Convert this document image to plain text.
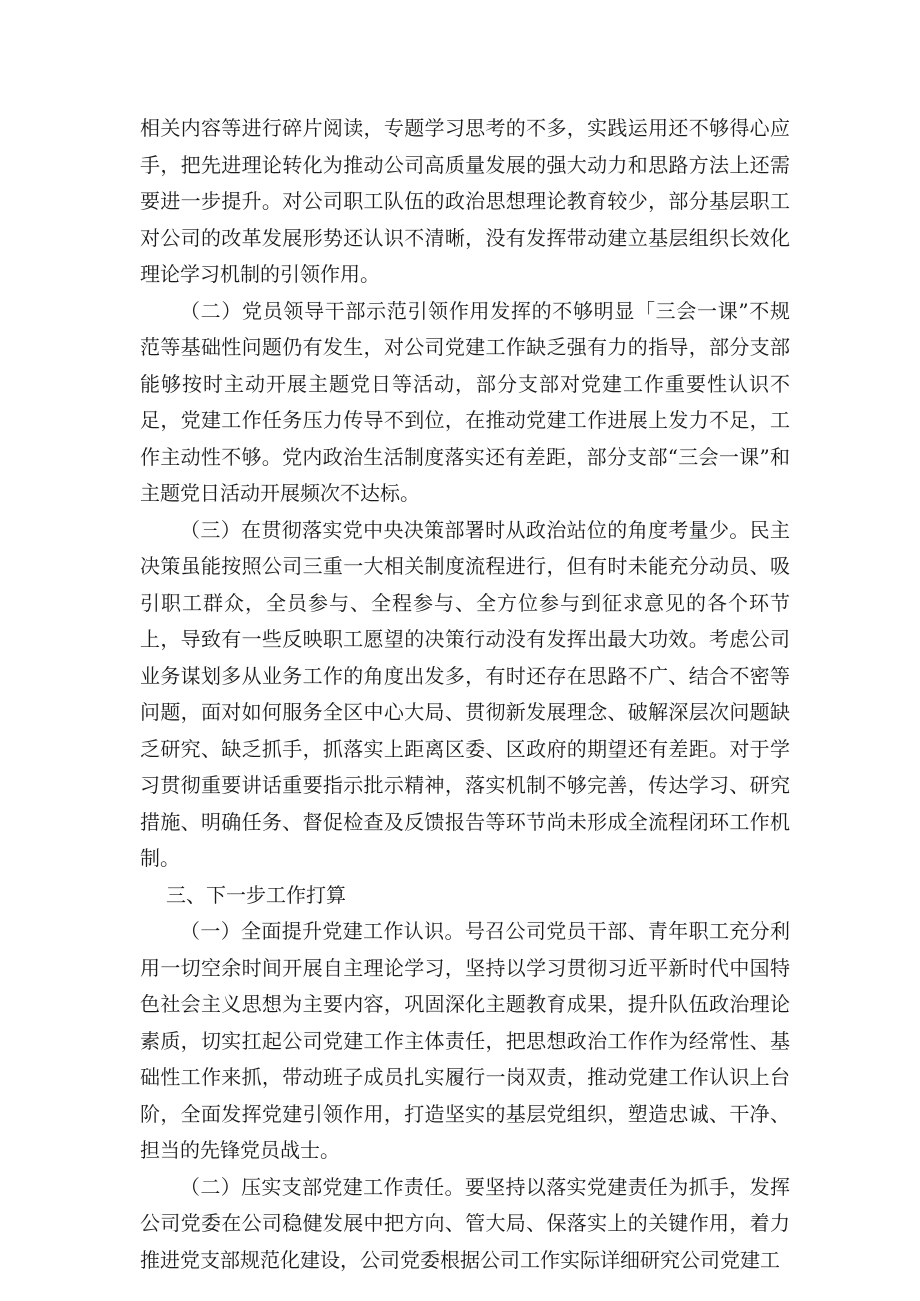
相关内容等进行碎片阅读，专题学习思考的不多，实践运用还不够得心应手，把先进理论转化为推动公司高质量发展的强大动力和思路方法上还需要进一步提升。对公司职工队伍的政治思想理论教育较少，部分基层职工对公司的改革发展形势还认识不清晰，没有发挥带动建立基层组织长效化理论学习机制的引领作用。

（二）党员领导干部示范引领作用发挥的不够明显「三会一课”不规范等基础性问题仍有发生，对公司党建工作缺乏强有力的指导，部分支部能够按时主动开展主题党日等活动，部分支部对党建工作重要性认识不足，党建工作任务压力传导不到位，在推动党建工作进展上发力不足，工作主动性不够。党内政治生活制度落实还有差距，部分支部“三会一课”和主题党日活动开展频次不达标。

（三）在贯彻落实党中央决策部署时从政治站位的角度考量少。民主决策虽能按照公司三重一大相关制度流程进行，但有时未能充分动员、吸引职工群众，全员参与、全程参与、全方位参与到征求意见的各个环节上，导致有一些反映职工愿望的决策行动没有发挥出最大功效。考虑公司业务谋划多从业务工作的角度出发多，有时还存在思路不广、结合不密等问题，面对如何服务全区中心大局、贯彻新发展理念、破解深层次问题缺乏研究、缺乏抓手，抓落实上距离区委、区政府的期望还有差距。对于学习贯彻重要讲话重要指示批示精神，落实机制不够完善，传达学习、研究措施、明确任务、督促检查及反馈报告等环节尚未形成全流程闭环工作机制。

三、下一步工作打算

（一）全面提升党建工作认识。号召公司党员干部、青年职工充分利用一切空余时间开展自主理论学习，坚持以学习贯彻习近平新时代中国特色社会主义思想为主要内容，巩固深化主题教育成果，提升队伍政治理论素质，切实扛起公司党建工作主体责任，把思想政治工作作为经常性、基础性工作来抓，带动班子成员扎实履行一岗双责，推动党建工作认识上台阶，全面发挥党建引领作用，打造坚实的基层党组织，塑造忠诚、干净、担当的先锋党员战士。

（二）压实支部党建工作责任。要坚持以落实党建责任为抓手，发挥公司党委在公司稳健发展中把方向、管大局、保落实上的关键作用，着力推进党支部规范化建设，公司党委根据公司工作实际详细研究公司党建工
